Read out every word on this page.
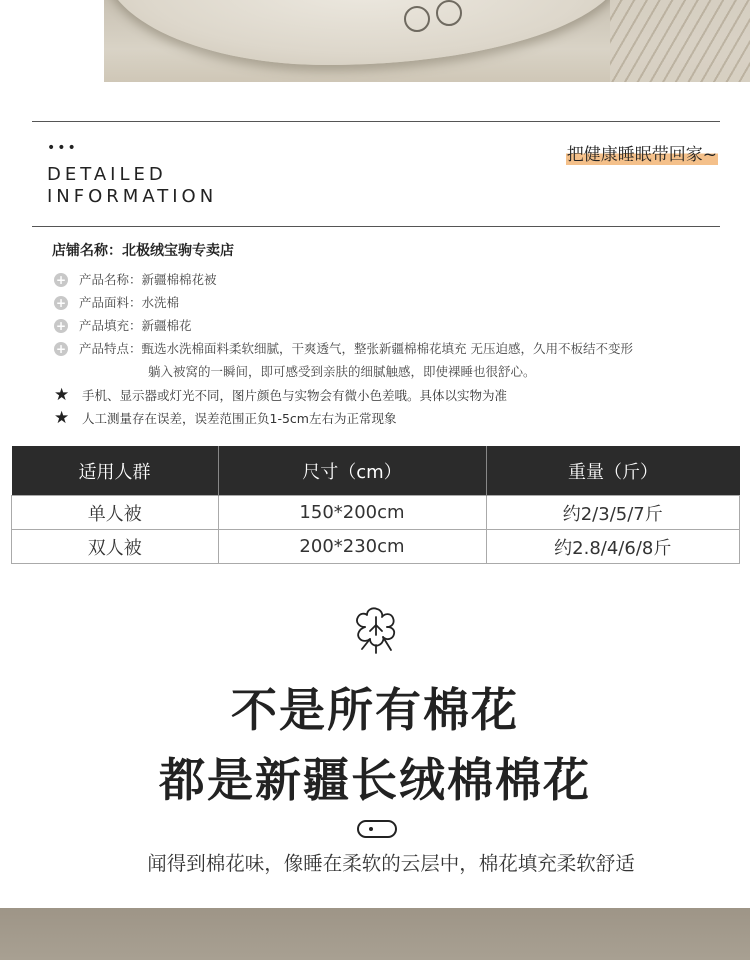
•••
DETAILED
INFORMATION
把健康睡眠带回家~
店铺名称：北极绒宝驹专卖店
+ 产品名称：新疆棉棉花被
+ 产品面料：水洗棉
+ 产品填充：新疆棉花
+ 产品特点：甄选水洗棉面料柔软细腻，干爽透气，整张新疆棉棉花填充 无压迫感，久用不板结不变形
躺入被窝的一瞬间，即可感受到亲肤的细腻触感，即使裸睡也很舒心。
★ 手机、显示器或灯光不同，图片颜色与实物会有微小色差哦。具体以实物为准
★ 人工测量存在误差，误差范围正负1-5cm左右为正常现象
适用人群	尺寸（cm）	重量（斤）
单人被	150*200cm	约2/3/5/7斤
双人被	200*230cm	约2.8/4/6/8斤
不是所有棉花
都是新疆长绒棉棉花
闻得到棉花味，像睡在柔软的云层中，棉花填充柔软舒适
